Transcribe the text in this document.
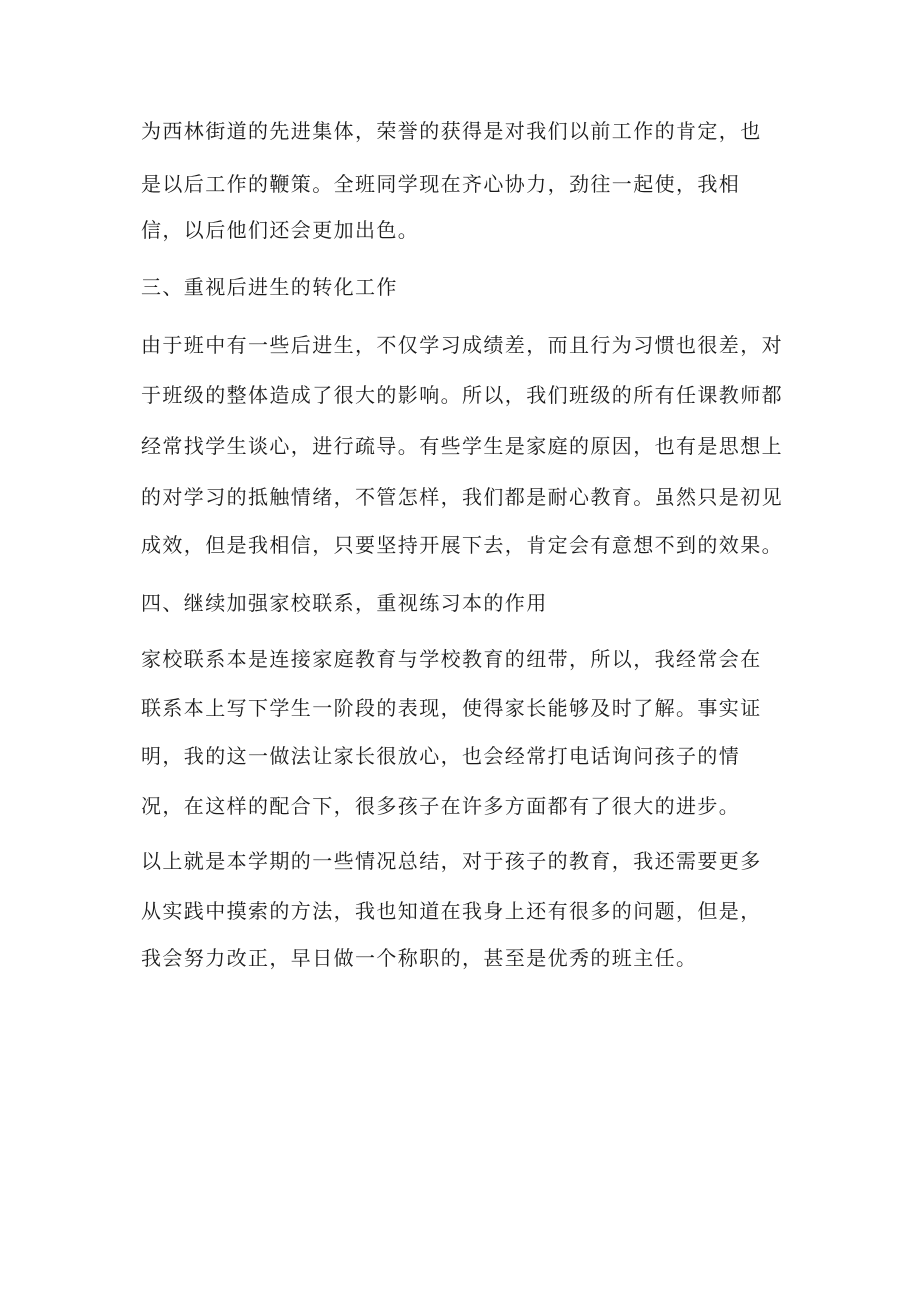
为西林街道的先进集体，荣誉的获得是对我们以前工作的肯定，也
是以后工作的鞭策。全班同学现在齐心协力，劲往一起使，我相
信，以后他们还会更加出色。
三、重视后进生的转化工作
由于班中有一些后进生，不仅学习成绩差，而且行为习惯也很差，对
于班级的整体造成了很大的影响。所以，我们班级的所有任课教师都
经常找学生谈心，进行疏导。有些学生是家庭的原因，也有是思想上
的对学习的抵触情绪，不管怎样，我们都是耐心教育。虽然只是初见
成效，但是我相信，只要坚持开展下去，肯定会有意想不到的效果。
四、继续加强家校联系，重视练习本的作用
家校联系本是连接家庭教育与学校教育的纽带，所以，我经常会在
联系本上写下学生一阶段的表现，使得家长能够及时了解。事实证
明，我的这一做法让家长很放心，也会经常打电话询问孩子的情
况，在这样的配合下，很多孩子在许多方面都有了很大的进步。
以上就是本学期的一些情况总结，对于孩子的教育，我还需要更多
从实践中摸索的方法，我也知道在我身上还有很多的问题，但是，
我会努力改正，早日做一个称职的，甚至是优秀的班主任。
